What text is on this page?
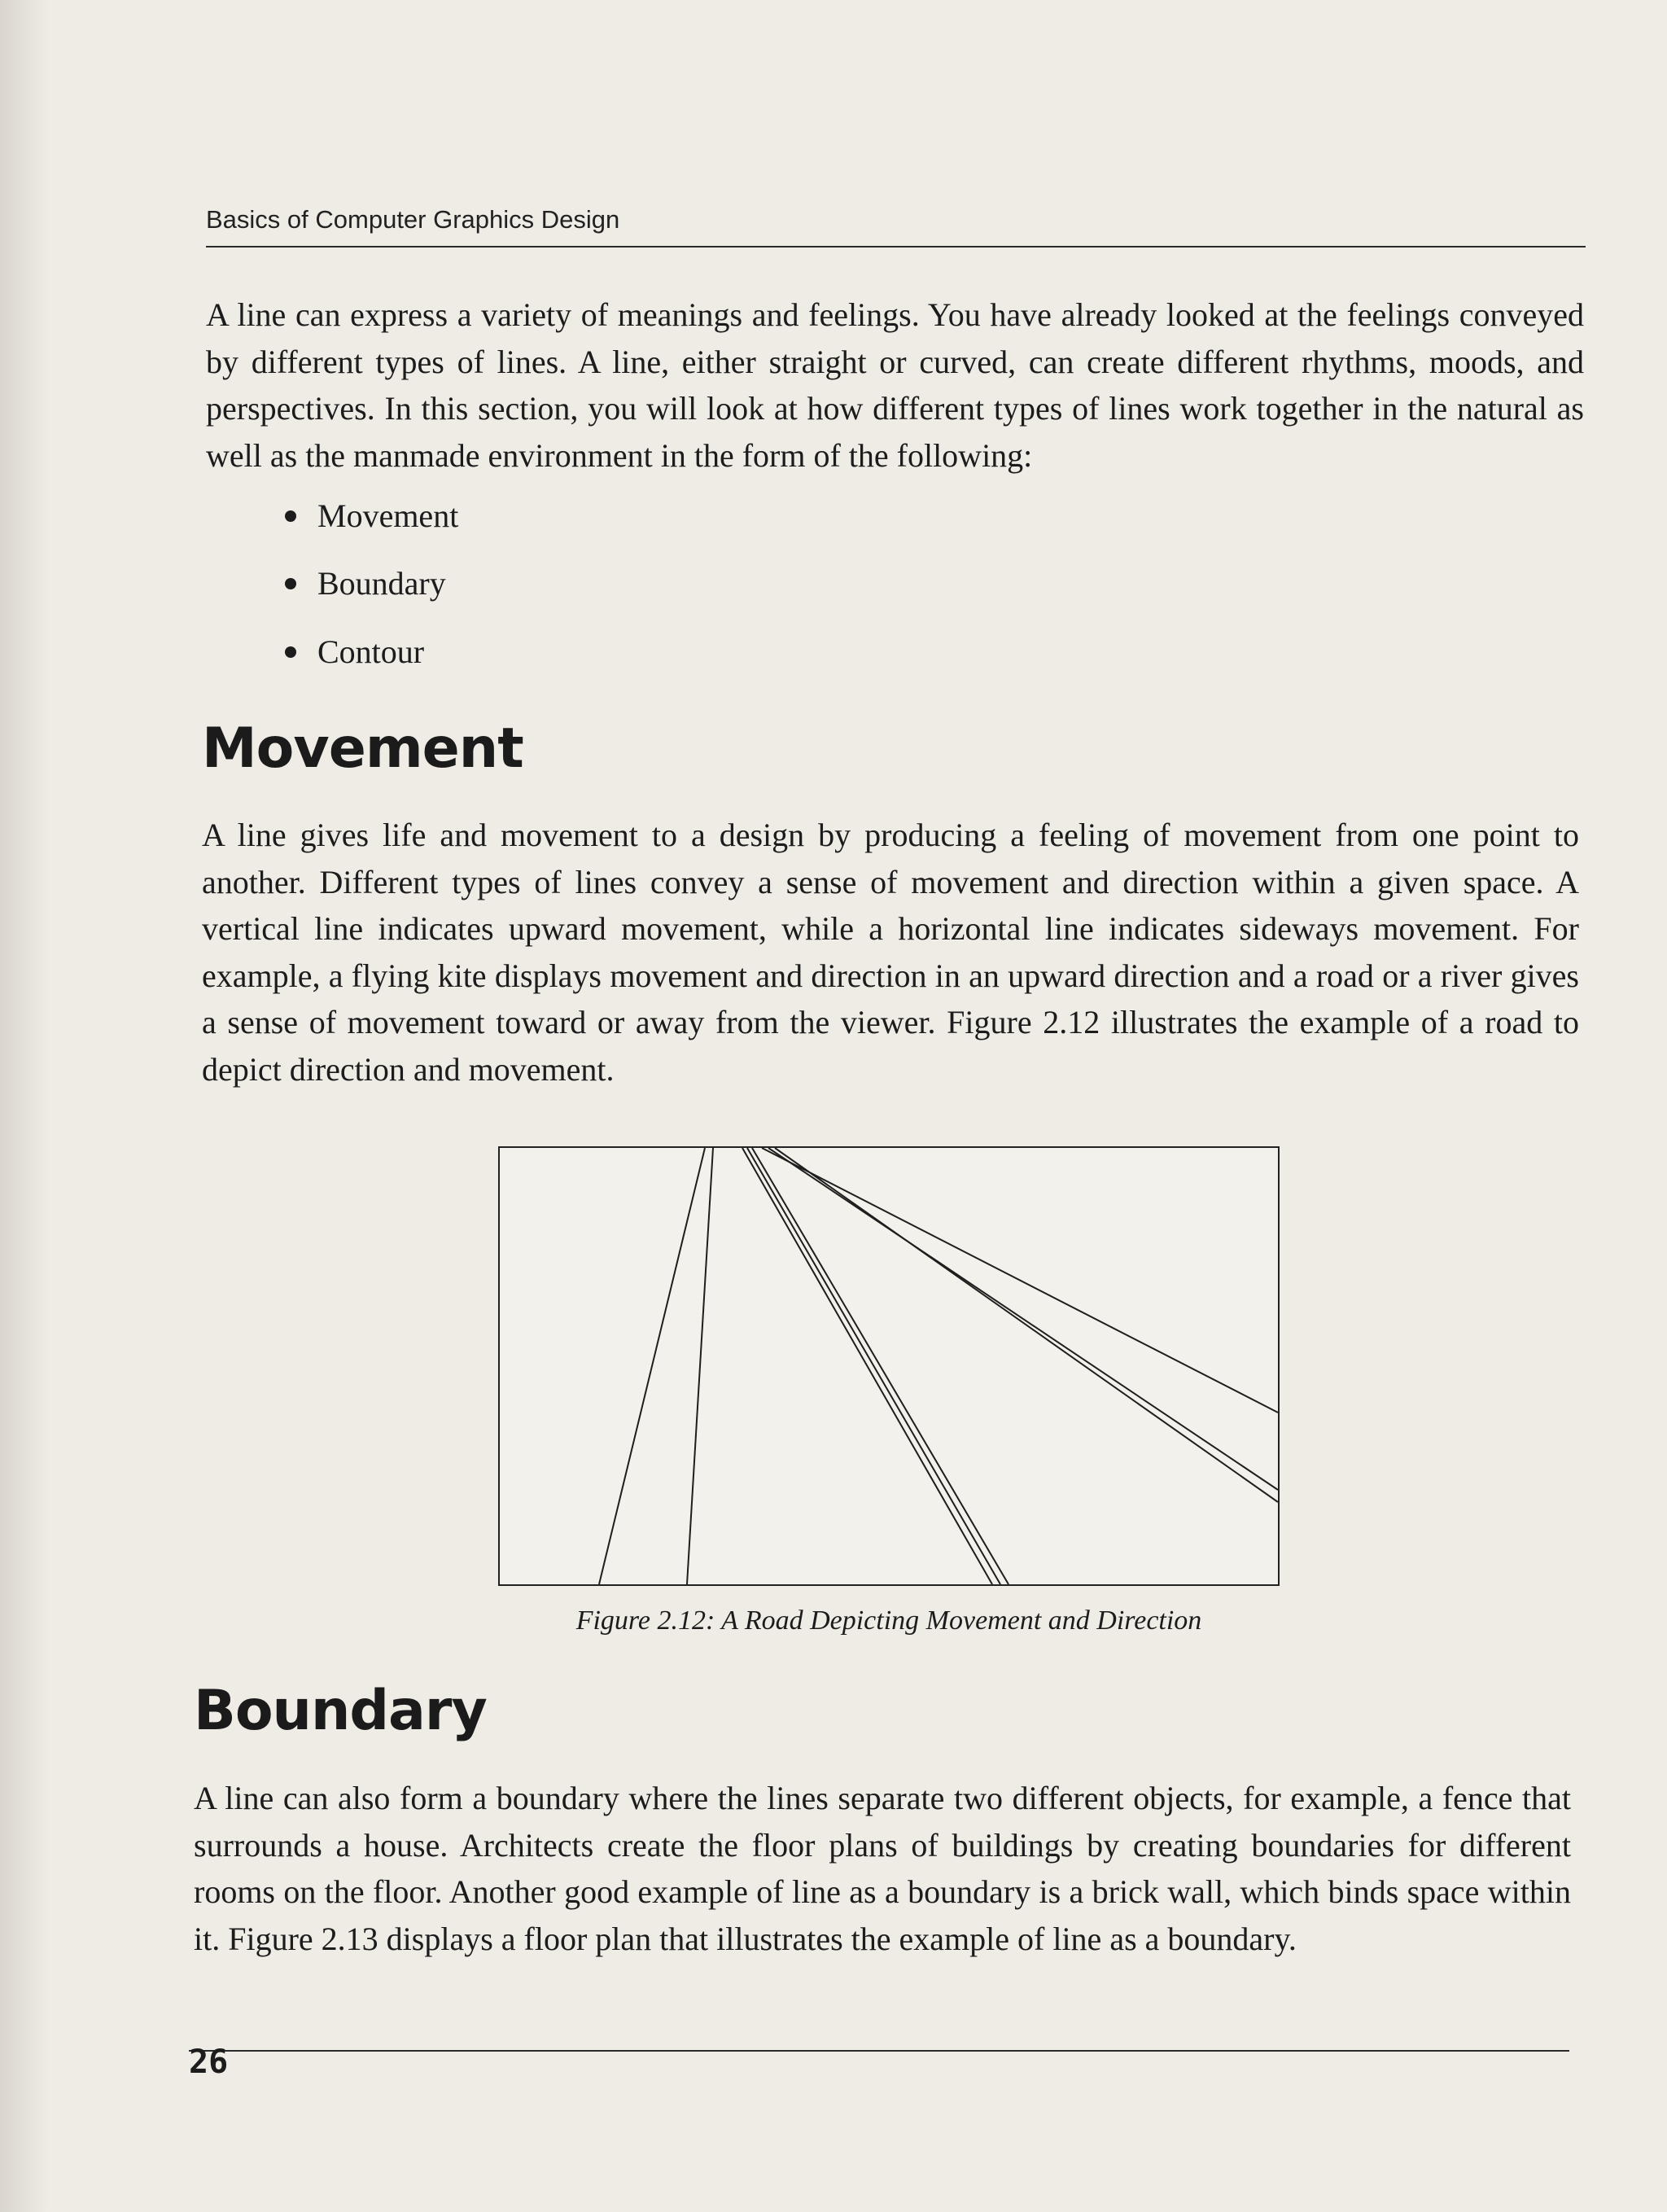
Basics of Computer Graphics Design

A line can express a variety of meanings and feelings. You have already looked at the feelings conveyed by different types of lines. A line, either straight or curved, can create different rhythms, moods, and perspectives. In this section, you will look at how different types of lines work together in the natural as well as the manmade environment in the form of the following:

Movement
Boundary
Contour
Movement

A line gives life and movement to a design by producing a feeling of movement from one point to another. Different types of lines convey a sense of movement and direction within a given space. A vertical line indicates upward movement, while a horizontal line indicates sideways movement. For example, a flying kite displays movement and direction in an upward direction and a road or a river gives a sense of movement toward or away from the viewer. Figure 2.12 illustrates the example of a road to depict direction and movement.

Figure 2.12: A Road Depicting Movement and Direction
Boundary

A line can also form a boundary where the lines separate two different objects, for example, a fence that surrounds a house. Architects create the floor plans of buildings by creating boundaries for different rooms on the floor. Another good example of line as a boundary is a brick wall, which binds space within it. Figure 2.13 displays a floor plan that illustrates the example of line as a boundary.

26
